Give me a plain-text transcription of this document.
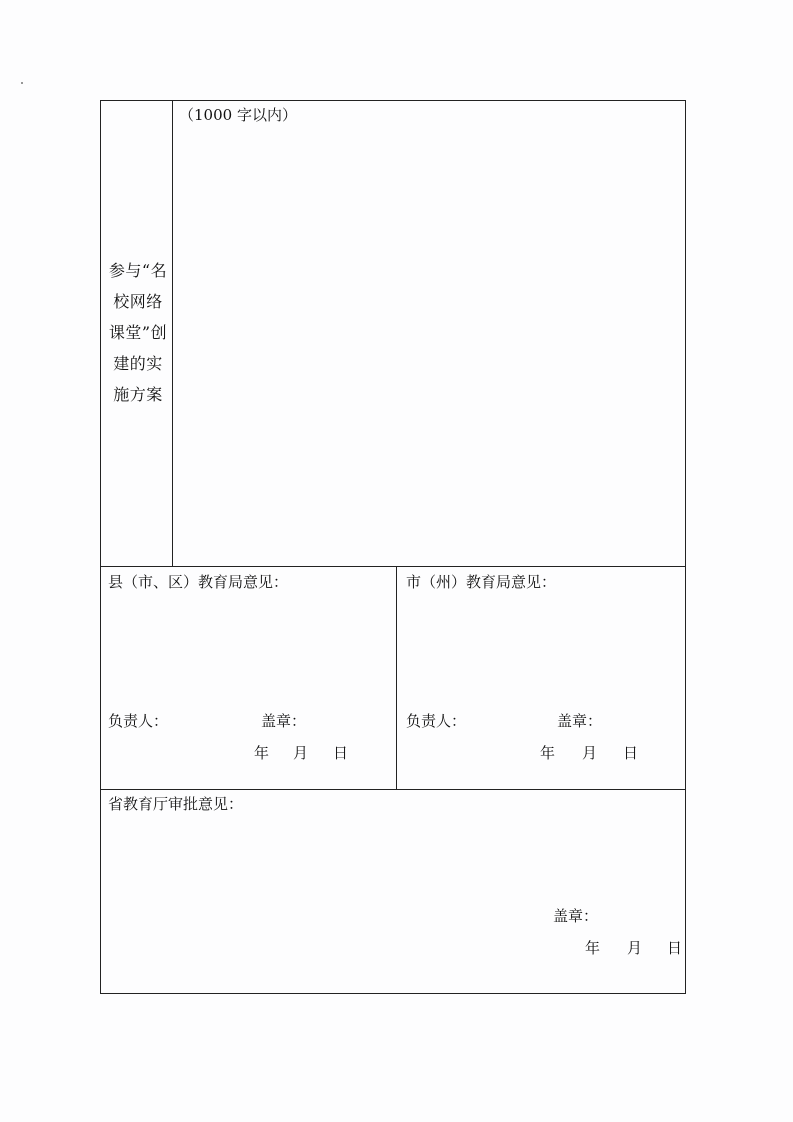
参与“名
校网络
课堂”创
建的实
施方案
（1000 字以内）
县（市、区）教育局意见：
负责人：	盖章：
年 月 日
市（州）教育局意见：
负责人：	盖章：
年 月 日
省教育厅审批意见：
盖章：
年 月 日
